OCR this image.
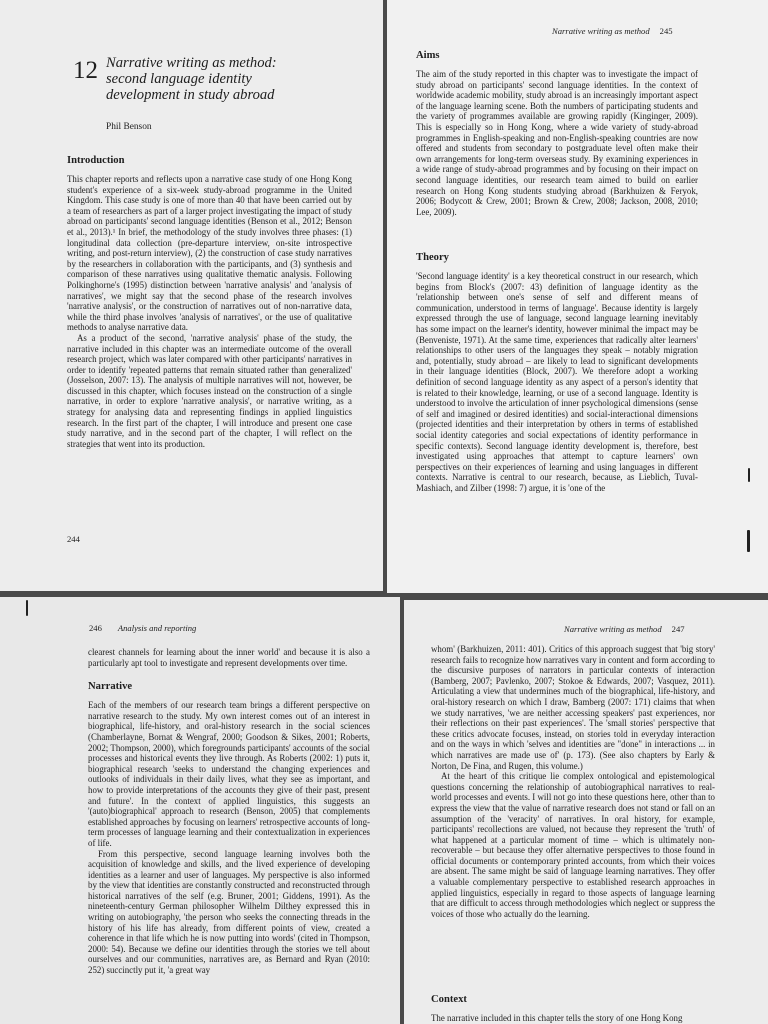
12 Narrative writing as method:
second language identity
development in study abroad
Phil Benson
Introduction

This chapter reports and reflects upon a narrative case study of one Hong Kong student's experience of a six-week study-abroad programme in the United Kingdom. This case study is one of more than 40 that have been carried out by a team of researchers as part of a larger project investigating the impact of study abroad on participants' second language identities (Benson et al., 2012; Benson et al., 2013).¹ In brief, the methodology of the study involves three phases: (1) longitudinal data collection (pre-departure interview, on-site introspective writing, and post-return interview), (2) the construction of case study narratives by the researchers in collaboration with the participants, and (3) synthesis and comparison of these narratives using qualitative thematic analysis. Following Polkinghorne's (1995) distinction between 'narrative analysis' and 'analysis of narratives', we might say that the second phase of the research involves 'narrative analysis', or the construction of narratives out of non-narrative data, while the third phase involves 'analysis of narratives', or the use of qualitative methods to analyse narrative data.

As a product of the second, 'narrative analysis' phase of the study, the narrative included in this chapter was an intermediate outcome of the overall research project, which was later compared with other participants' narratives in order to identify 'repeated patterns that remain situated rather than generalized' (Josselson, 2007: 13). The analysis of multiple narratives will not, however, be discussed in this chapter, which focuses instead on the construction of a single narrative, in order to explore 'narrative analysis', or narrative writing, as a strategy for analysing data and representing findings in applied linguistics research. In the first part of the chapter, I will introduce and present one case study narrative, and in the second part of the chapter, I will reflect on the strategies that went into its production.

244
Narrative writing as method 245
Aims

The aim of the study reported in this chapter was to investigate the impact of study abroad on participants' second language identities. In the context of worldwide academic mobility, study abroad is an increasingly important aspect of the language learning scene. Both the numbers of participating students and the variety of programmes available are growing rapidly (Kinginger, 2009). This is especially so in Hong Kong, where a wide variety of study-abroad programmes in English-speaking and non-English-speaking countries are now offered and students from secondary to postgraduate level often make their own arrangements for long-term overseas study. By examining experiences in a wide range of study-abroad programmes and by focusing on their impact on second language identities, our research team aimed to build on earlier research on Hong Kong students studying abroad (Barkhuizen & Feryok, 2006; Bodycott & Crew, 2001; Brown & Crew, 2008; Jackson, 2008, 2010; Lee, 2009).

Theory

'Second language identity' is a key theoretical construct in our research, which begins from Block's (2007: 43) definition of language identity as the 'relationship between one's sense of self and different means of communication, understood in terms of language'. Because identity is largely expressed through the use of language, second language learning inevitably has some impact on the learner's identity, however minimal the impact may be (Benveniste, 1971). At the same time, experiences that radically alter learners' relationships to other users of the languages they speak – notably migration and, potentially, study abroad – are likely to lead to significant developments in their language identities (Block, 2007). We therefore adopt a working definition of second language identity as any aspect of a person's identity that is related to their knowledge, learning, or use of a second language. Identity is understood to involve the articulation of inner psychological dimensions (sense of self and imagined or desired identities) and social-interactional dimensions (projected identities and their interpretation by others in terms of established social identity categories and social expectations of identity performance in specific contexts). Second language identity development is, therefore, best investigated using approaches that attempt to capture learners' own perspectives on their experiences of learning and using languages in different contexts. Narrative is central to our research, because, as Lieblich, Tuval-Mashiach, and Zilber (1998: 7) argue, it is 'one of the

246 Analysis and reporting

clearest channels for learning about the inner world' and because it is also a particularly apt tool to investigate and represent developments over time.

Narrative

Each of the members of our research team brings a different perspective on narrative research to the study. My own interest comes out of an interest in biographical, life-history, and oral-history research in the social sciences (Chamberlayne, Bornat & Wengraf, 2000; Goodson & Sikes, 2001; Roberts, 2002; Thompson, 2000), which foregrounds participants' accounts of the social processes and historical events they live through. As Roberts (2002: 1) puts it, biographical research 'seeks to understand the changing experiences and outlooks of individuals in their daily lives, what they see as important, and how to provide interpretations of the accounts they give of their past, present and future'. In the context of applied linguistics, this suggests an '(auto)biographical' approach to research (Benson, 2005) that complements established approaches by focusing on learners' retrospective accounts of long-term processes of language learning and their contextualization in experiences of life.

From this perspective, second language learning involves both the acquisition of knowledge and skills, and the lived experience of developing identities as a learner and user of languages. My perspective is also informed by the view that identities are constantly constructed and reconstructed through historical narratives of the self (e.g. Bruner, 2001; Giddens, 1991). As the nineteenth-century German philosopher Wilhelm Dilthey expressed this in writing on autobiography, 'the person who seeks the connecting threads in the history of his life has already, from different points of view, created a coherence in that life which he is now putting into words' (cited in Thompson, 2000: 54). Because we define our identities through the stories we tell about ourselves and our communities, narratives are, as Bernard and Ryan (2010: 252) succinctly put it, 'a great way

Narrative writing as method 247

whom' (Barkhuizen, 2011: 401). Critics of this approach suggest that 'big story' research fails to recognize how narratives vary in content and form according to the discursive purposes of narrators in particular contexts of interaction (Bamberg, 2007; Pavlenko, 2007; Stokoe & Edwards, 2007; Vasquez, 2011). Articulating a view that undermines much of the biographical, life-history, and oral-history research on which I draw, Bamberg (2007: 171) claims that when we study narratives, 'we are neither accessing speakers' past experiences, nor their reflections on their past experiences'. The 'small stories' perspective that these critics advocate focuses, instead, on stories told in everyday interaction and on the ways in which 'selves and identities are "done" in interactions ... in which narratives are made use of' (p. 173). (See also chapters by Early & Norton, De Fina, and Rugen, this volume.)

At the heart of this critique lie complex ontological and epistemological questions concerning the relationship of autobiographical narratives to real-world processes and events. I will not go into these questions here, other than to express the view that the value of narrative research does not stand or fall on an assumption of the 'veracity' of narratives. In oral history, for example, participants' recollections are valued, not because they represent the 'truth' of what happened at a particular moment of time – which is ultimately non-recoverable – but because they offer alternative perspectives to those found in official documents or contemporary printed accounts, from which their voices are absent. The same might be said of language learning narratives. They offer a valuable complementary perspective to established research approaches in applied linguistics, especially in regard to those aspects of language learning that are difficult to access through methodologies which neglect or suppress the voices of those who actually do the learning.

Context

The narrative included in this chapter tells the story of one Hong Kong
